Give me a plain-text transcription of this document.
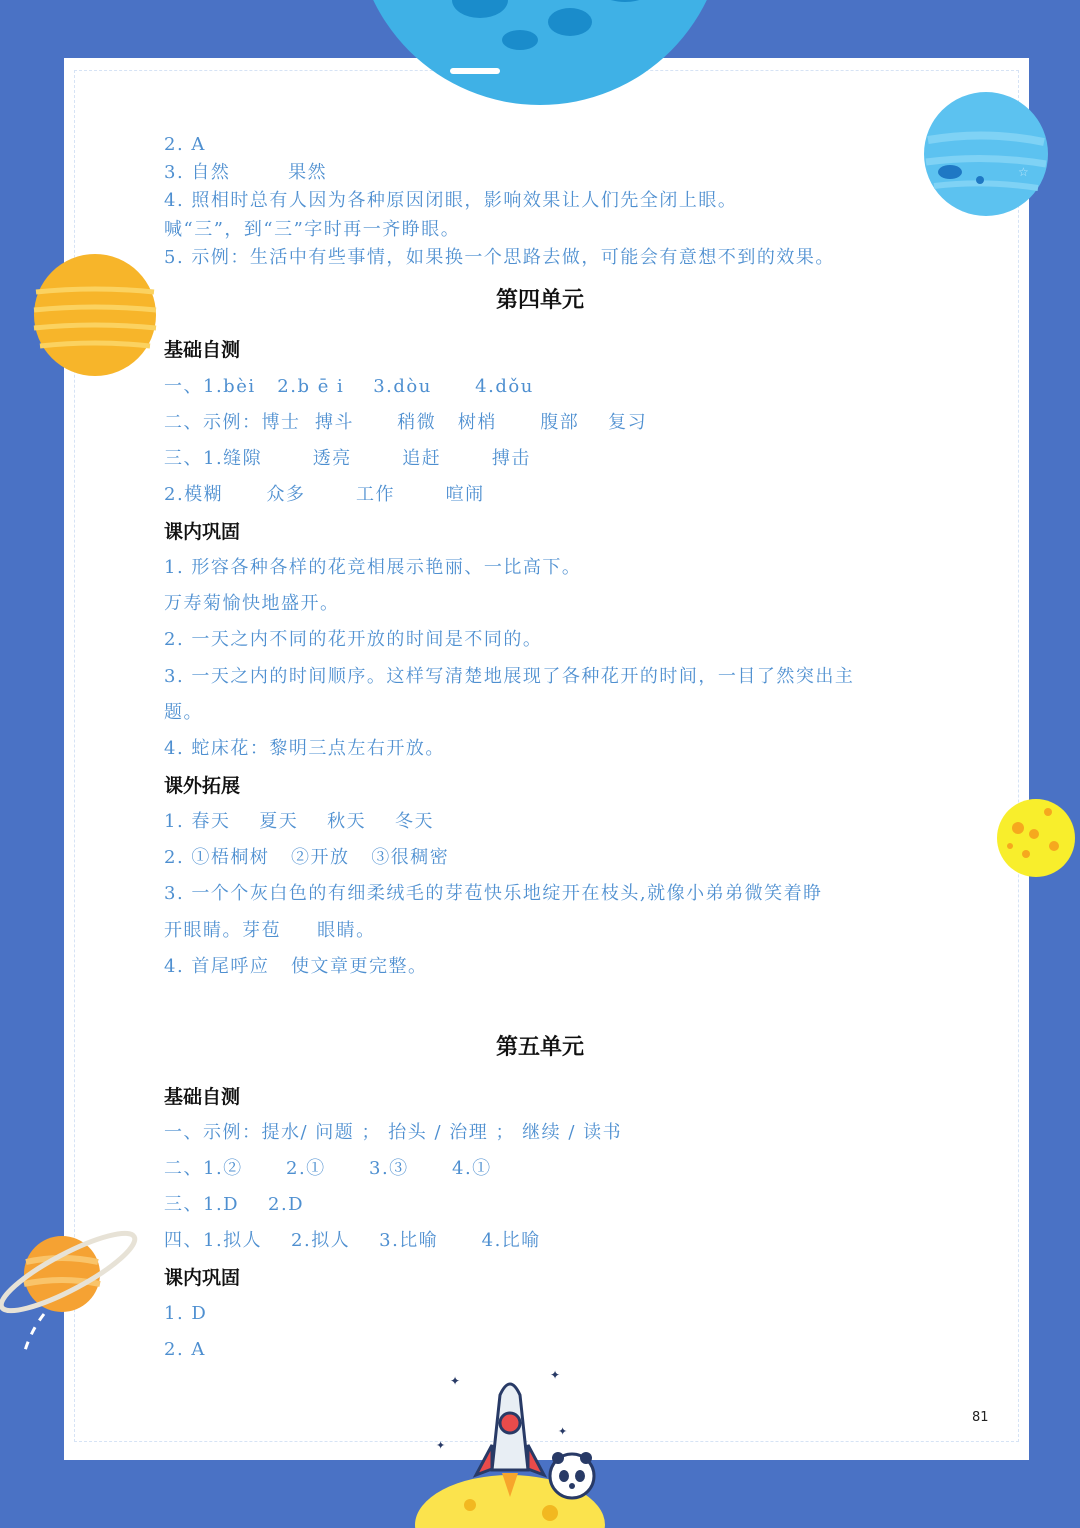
☆
✦	✦
✦
✦
2. A
3. 自然        果然
4. 照相时总有人因为各种原因闭眼，影响效果让人们先全闭上眼。
喊“三”，到“三”字时再一齐睁眼。
5. 示例：生活中有些事情，如果换一个思路去做，可能会有意想不到的效果。
第四单元
基础自测
一、1.bèi   2.b ē i    3.dòu      4.dǒu
二、示例：博士  搏斗      稍微   树梢      腹部    复习
三、1.缝隙       透亮       追赶       搏击
2.模糊      众多       工作       喧闹
课内巩固
1. 形容各种各样的花竞相展示艳丽、一比高下。
万寿菊愉快地盛开。
2. 一天之内不同的花开放的时间是不同的。
3. 一天之内的时间顺序。这样写清楚地展现了各种花开的时间，一目了然突出主
题。
4. 蛇床花：黎明三点左右开放。
课外拓展
1. 春天    夏天    秋天    冬天
2. ①梧桐树   ②开放   ③很稠密
3. 一个个灰白色的有细柔绒毛的芽苞快乐地绽开在枝头,就像小弟弟微笑着睁
开眼睛。芽苞     眼睛。
4. 首尾呼应   使文章更完整。
第五单元
基础自测
一、示例：提水/ 问题 ； 抬头 / 治理 ； 继续 / 读书
二、1.②      2.①      3.③      4.①
三、1.D    2.D
四、1.拟人    2.拟人    3.比喻      4.比喻
课内巩固
1. D
2. A
81
